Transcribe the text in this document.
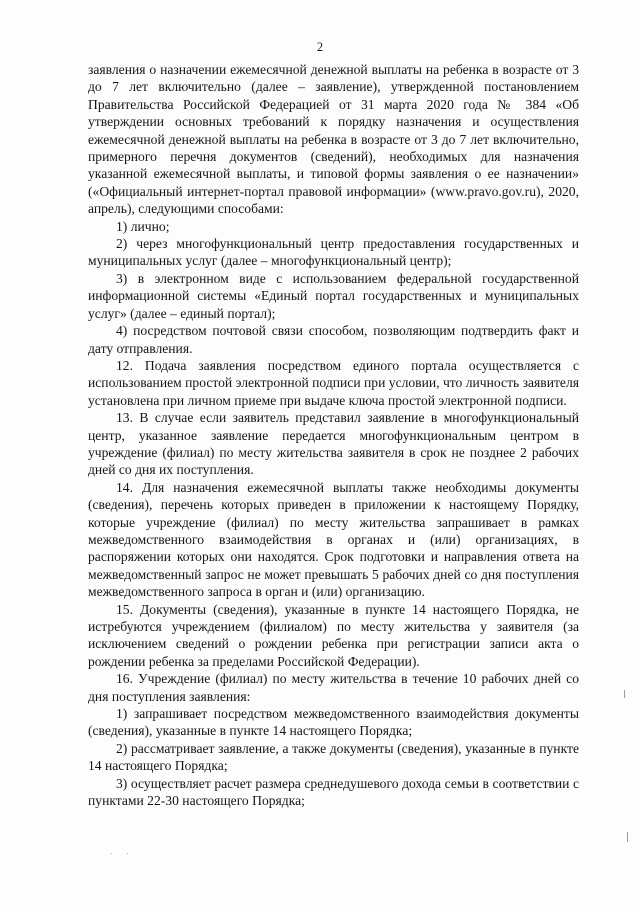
2

заявления о назначении ежемесячной денежной выплаты на ребенка в возрасте от 3 до 7 лет включительно (далее – заявление), утвержденной постановлением Правительства Российской Федерацией от 31 марта 2020 года № 384 «Об утверждении основных требований к порядку назначения и осуществления ежемесячной денежной выплаты на ребенка в возрасте от 3 до 7 лет включительно, примерного перечня документов (сведений), необходимых для назначения указанной ежемесячной выплаты, и типовой формы заявления о ее назначении» («Официальный интернет-портал правовой информации» (www.pravo.gov.ru), 2020, апрель), следующими способами:

1) лично;

2) через многофункциональный центр предоставления государственных и муниципальных услуг (далее – многофункциональный центр);

3) в электронном виде с использованием федеральной государственной информационной системы «Единый портал государственных и муниципальных услуг» (далее – единый портал);

4) посредством почтовой связи способом, позволяющим подтвердить факт и дату отправления.

12. Подача заявления посредством единого портала осуществляется с использованием простой электронной подписи при условии, что личность заявителя установлена при личном приеме при выдаче ключа простой электронной подписи.

13. В случае если заявитель представил заявление в многофункциональный центр, указанное заявление передается многофункциональным центром в учреждение (филиал) по месту жительства заявителя в срок не позднее 2 рабочих дней со дня их поступления.

14. Для назначения ежемесячной выплаты также необходимы документы (сведения), перечень которых приведен в приложении к настоящему Порядку, которые учреждение (филиал) по месту жительства запрашивает в рамках межведомственного взаимодействия в органах и (или) организациях, в распоряжении которых они находятся. Срок подготовки и направления ответа на межведомственный запрос не может превышать 5 рабочих дней со дня поступления межведомственного запроса в орган и (или) организацию.

15. Документы (сведения), указанные в пункте 14 настоящего Порядка, не истребуются учреждением (филиалом) по месту жительства у заявителя (за исключением сведений о рождении ребенка при регистрации записи акта о рождении ребенка за пределами Российской Федерации).

16. Учреждение (филиал) по месту жительства в течение 10 рабочих дней со дня поступления заявления:

1) запрашивает посредством межведомственного взаимодействия документы (сведения), указанные в пункте 14 настоящего Порядка;

2) рассматривает заявление, а также документы (сведения), указанные в пункте 14 настоящего Порядка;

3) осуществляет расчет размера среднедушевого дохода семьи в соответствии с пунктами 22-30 настоящего Порядка;

· ·
